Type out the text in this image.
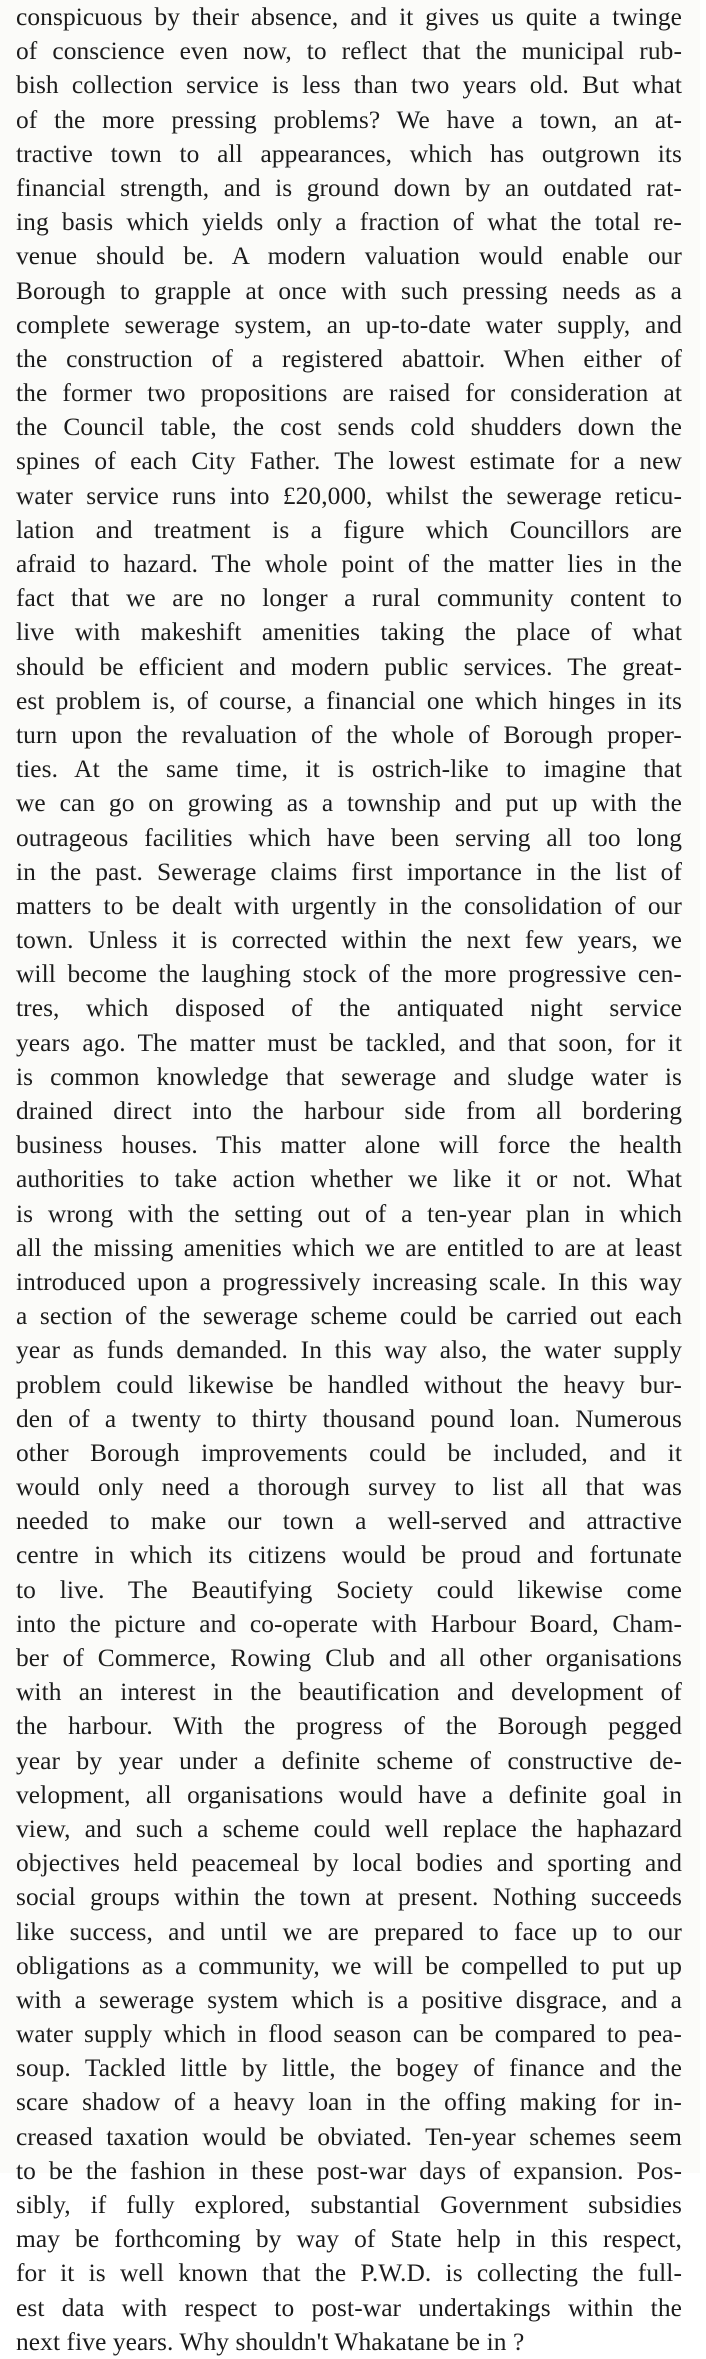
conspicuous by their absence, and it gives us quite a twinge
of conscience even now, to reflect that the municipal rub-
bish collection service is less than two years old. But what
of the more pressing problems? We have a town, an at-
tractive town to all appearances, which has outgrown its
financial strength, and is ground down by an outdated rat-
ing basis which yields only a fraction of what the total re-
venue should be. A modern valuation would enable our
Borough to grapple at once with such pressing needs as a
complete sewerage system, an up-to-date water supply, and
the construction of a registered abattoir. When either of
the former two propositions are raised for consideration at
the Council table, the cost sends cold shudders down the
spines of each City Father. The lowest estimate for a new
water service runs into £20,000, whilst the sewerage reticu-
lation and treatment is a figure which Councillors are
afraid to hazard. The whole point of the matter lies in the
fact that we are no longer a rural community content to
live with makeshift amenities taking the place of what
should be efficient and modern public services. The great-
est problem is, of course, a financial one which hinges in its
turn upon the revaluation of the whole of Borough proper-
ties. At the same time, it is ostrich-like to imagine that
we can go on growing as a township and put up with the
outrageous facilities which have been serving all too long
in the past. Sewerage claims first importance in the list of
matters to be dealt with urgently in the consolidation of our
town. Unless it is corrected within the next few years, we
will become the laughing stock of the more progressive cen-
tres, which disposed of the antiquated night service
years ago. The matter must be tackled, and that soon, for it
is common knowledge that sewerage and sludge water is
drained direct into the harbour side from all bordering
business houses. This matter alone will force the health
authorities to take action whether we like it or not. What
is wrong with the setting out of a ten-year plan in which
all the missing amenities which we are entitled to are at least
introduced upon a progressively increasing scale. In this way
a section of the sewerage scheme could be carried out each
year as funds demanded. In this way also, the water supply
problem could likewise be handled without the heavy bur-
den of a twenty to thirty thousand pound loan. Numerous
other Borough improvements could be included, and it
would only need a thorough survey to list all that was
needed to make our town a well-served and attractive
centre in which its citizens would be proud and fortunate
to live. The Beautifying Society could likewise come
into the picture and co-operate with Harbour Board, Cham-
ber of Commerce, Rowing Club and all other organisations
with an interest in the beautification and development of
the harbour. With the progress of the Borough pegged
year by year under a definite scheme of constructive de-
velopment, all organisations would have a definite goal in
view, and such a scheme could well replace the haphazard
objectives held peacemeal by local bodies and sporting and
social groups within the town at present. Nothing succeeds
like success, and until we are prepared to face up to our
obligations as a community, we will be compelled to put up
with a sewerage system which is a positive disgrace, and a
water supply which in flood season can be compared to pea-
soup. Tackled little by little, the bogey of finance and the
scare shadow of a heavy loan in the offing making for in-
creased taxation would be obviated. Ten-year schemes seem
to be the fashion in these post-war days of expansion. Pos-
sibly, if fully explored, substantial Government subsidies
may be forthcoming by way of State help in this respect,
for it is well known that the P.W.D. is collecting the full-
est data with respect to post-war undertakings within the
next five years. Why shouldn't Whakatane be in ?
